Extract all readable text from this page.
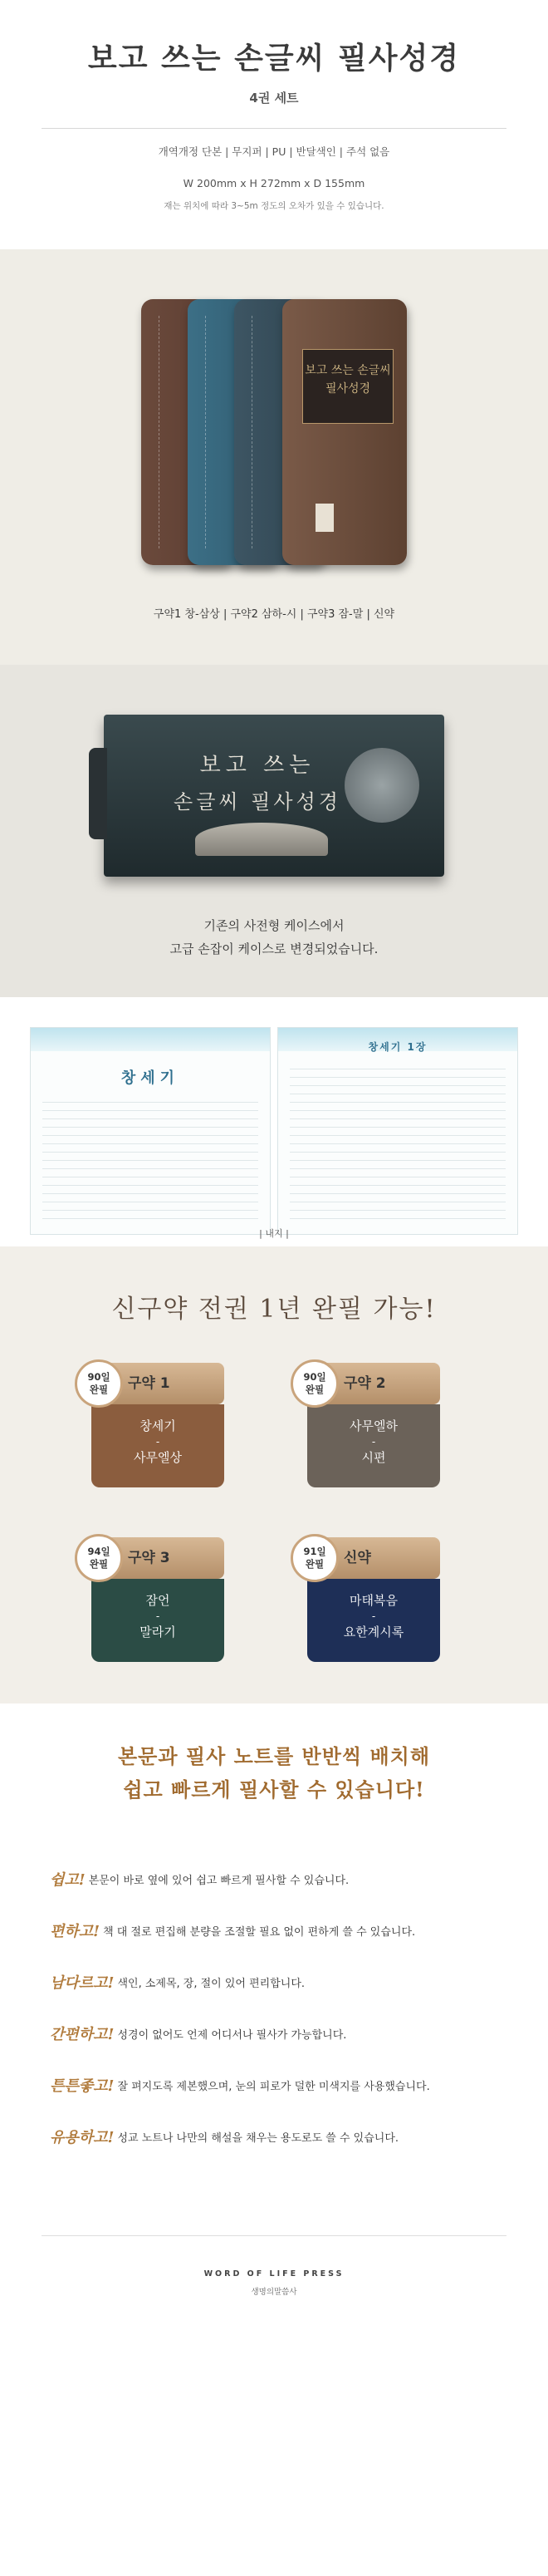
보고 쓰는 손글씨 필사성경
4권 세트
개역개정 단본 | 무지퍼 | PU | 반달색인 | 주석 없음
W 200mm x H 272mm x D 155mm
재는 위치에 따라 3~5m 정도의 오차가 있을 수 있습니다.
보고 쓰는 손글씨 필사성경
구약1 창-삼상 | 구약2 삼하-시 | 구약3 잠-말 | 신약
보고 쓰는
손글씨 필사성경
기존의 사전형 케이스에서
고급 손잡이 케이스로 변경되었습니다.
창세기
창세기 1장
| 내지 |
신구약 전권 1년 완필 가능!
90일
완필	구약 1
창세기
-
사무엘상
90일
완필	구약 2
사무엘하
-
시편
94일
완필	구약 3
잠언
-
말라기
91일
완필	신약
마태복음
-
요한계시록
본문과 필사 노트를 반반씩 배치해
쉽고 빠르게 필사할 수 있습니다!
쉽고! 본문이 바로 옆에 있어 쉽고 빠르게 필사할 수 있습니다.
편하고! 책 대 절로 편집해 분량을 조절할 필요 없이 편하게 쓸 수 있습니다.
남다르고! 색인, 소제목, 장, 절이 있어 편리합니다.
간편하고! 성경이 없어도 언제 어디서나 필사가 가능합니다.
튼튼좋고! 잘 펴지도록 제본했으며, 눈의 피로가 덜한 미색지를 사용했습니다.
유용하고! 성교 노트나 나만의 해설을 채우는 용도로도 쓸 수 있습니다.
WORD OF LIFE PRESS
생명의말씀사
